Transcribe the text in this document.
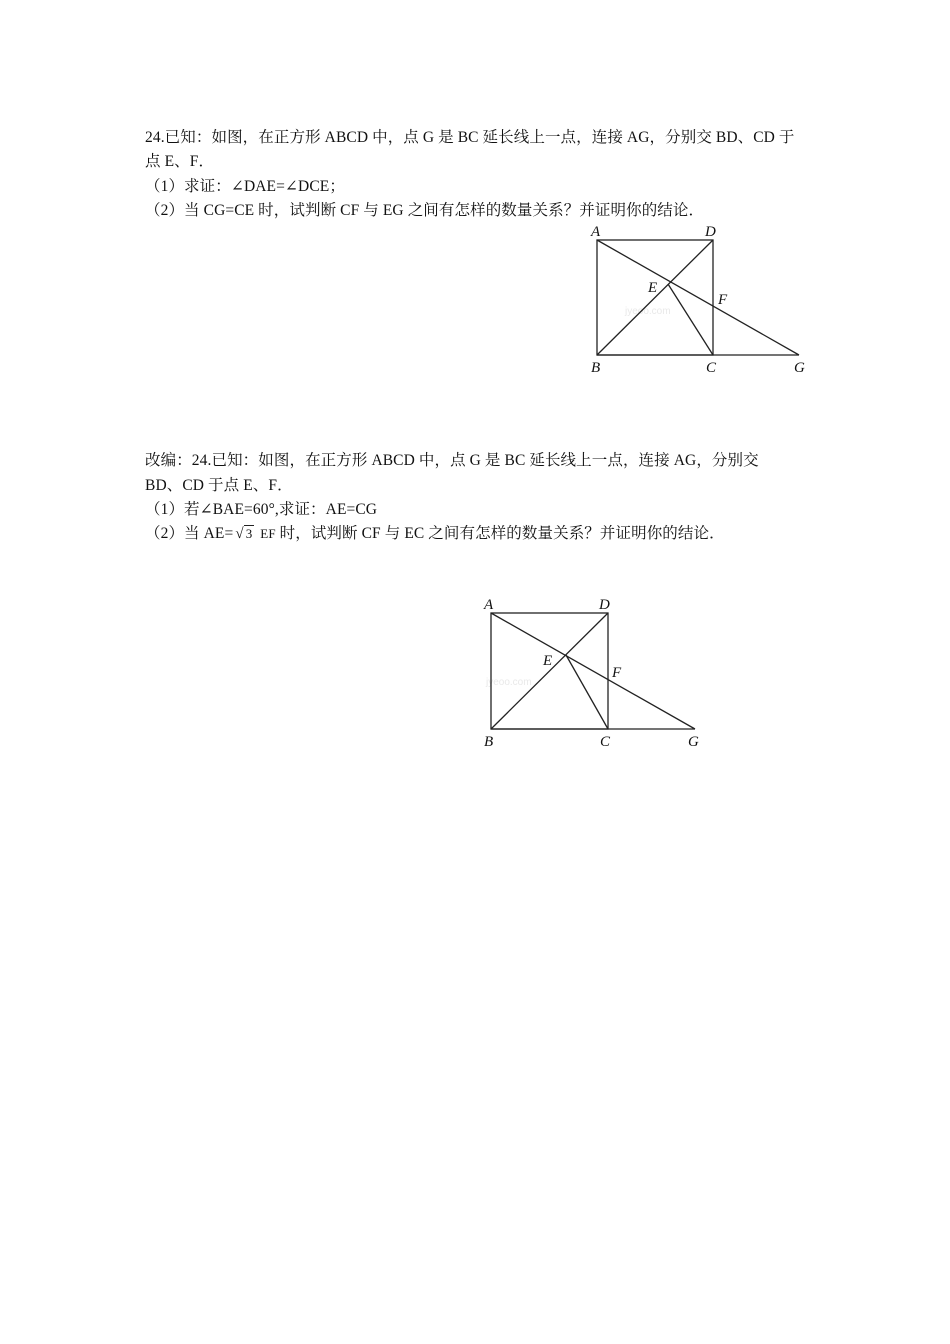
24.已知：如图，在正方形 ABCD 中，点 G 是 BC 延长线上一点，连接 AG，分别交 BD、CD 于
点 E、F．
（1）求证：∠DAE=∠DCE；
（2）当 CG=CE 时，试判断 CF 与 EG 之间有怎样的数量关系？并证明你的结论．
jyeoo.com
A	D
E
F
B	C	G
改编：24.已知：如图，在正方形 ABCD 中，点 G 是 BC 延长线上一点，连接 AG，分别交
BD、CD 于点 E、F．
（1）若∠BAE=60°,求证：AE=CG
（2）当 AE= √ 3 EF 时，试判断 CF 与 EC 之间有怎样的数量关系？并证明你的结论．
jyeoo.com
A	D
E
F
B	C	G
